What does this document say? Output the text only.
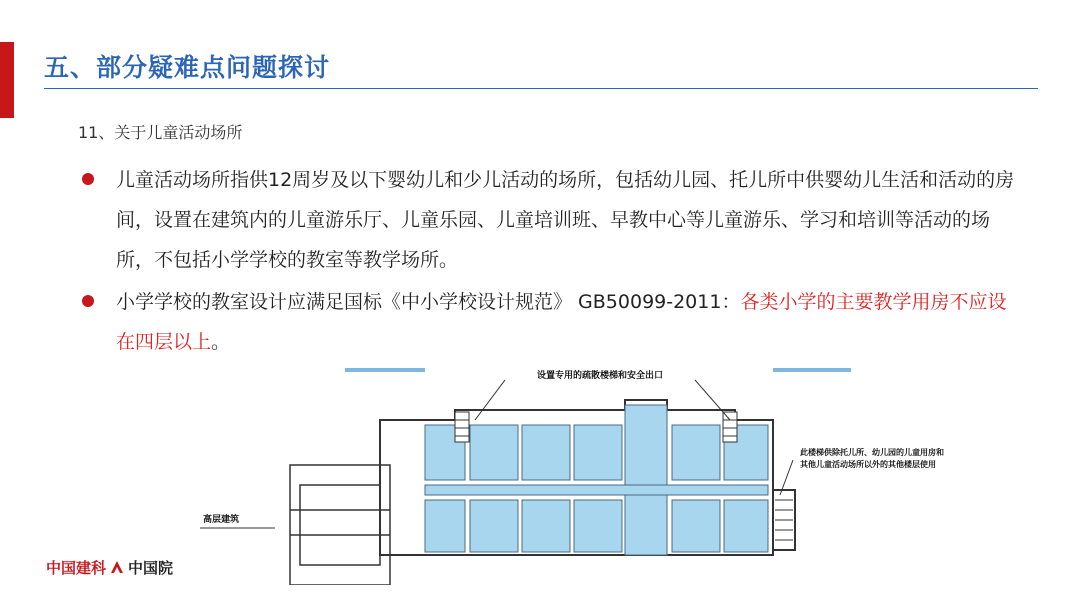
五、部分疑难点问题探讨
11、关于儿童活动场所
儿童活动场所指供12周岁及以下婴幼儿和少儿活动的场所，包括幼儿园、托儿所中供婴幼儿生活和活动的房间，设置在建筑内的儿童游乐厅、儿童乐园、儿童培训班、早教中心等儿童游乐、学习和培训等活动的场所，不包括小学学校的教室等教学场所。
小学学校的教室设计应满足国标《中小学校设计规范》 GB50099-2011：各类小学的主要教学用房不应设在四层以上。
设置专用的疏散楼梯和安全出口
此楼梯供除托儿所、幼儿园的儿童用房和
其他儿童活动场所以外的其他楼层使用
高层建筑
中国建科 中国院
